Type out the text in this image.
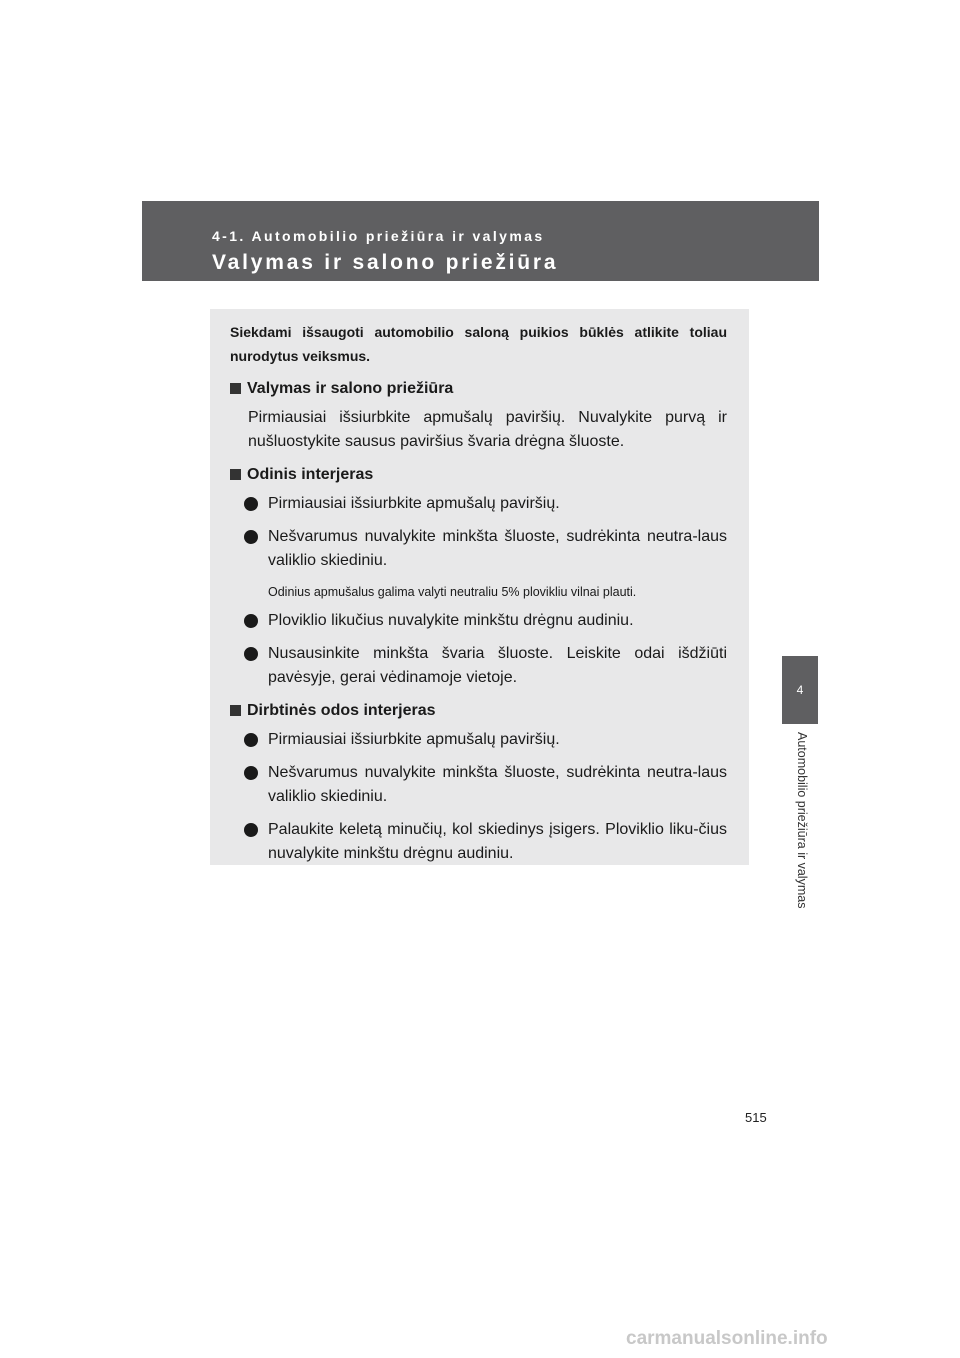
4-1. Automobilio priežiūra ir valymas
Valymas ir salono priežiūra

Siekdami išsaugoti automobilio saloną puikios būklės atlikite toliau nurodytus veiksmus.

Valymas ir salono priežiūra

Pirmiausiai išsiurbkite apmušalų paviršių. Nuvalykite purvą ir nušluostykite sausus paviršius švaria drėgna šluoste.

Odinis interjeras
Pirmiausiai išsiurbkite apmušalų paviršių.
Nešvarumus nuvalykite minkšta šluoste, sudrėkinta neutra-laus valiklio skiediniu.

Odinius apmušalus galima valyti neutraliu 5% plovikliu vilnai plauti.

Ploviklio likučius nuvalykite minkštu drėgnu audiniu.
Nusausinkite minkšta švaria šluoste. Leiskite odai išdžiūti pavėsyje, gerai vėdinamoje vietoje.
Dirbtinės odos interjeras
Pirmiausiai išsiurbkite apmušalų paviršių.
Nešvarumus nuvalykite minkšta šluoste, sudrėkinta neutra-laus valiklio skiediniu.
Palaukite keletą minučių, kol skiedinys įsigers. Ploviklio liku-čius nuvalykite minkštu drėgnu audiniu.
4
Automobilio priežiūra ir valymas
515
carmanualsonline.info
